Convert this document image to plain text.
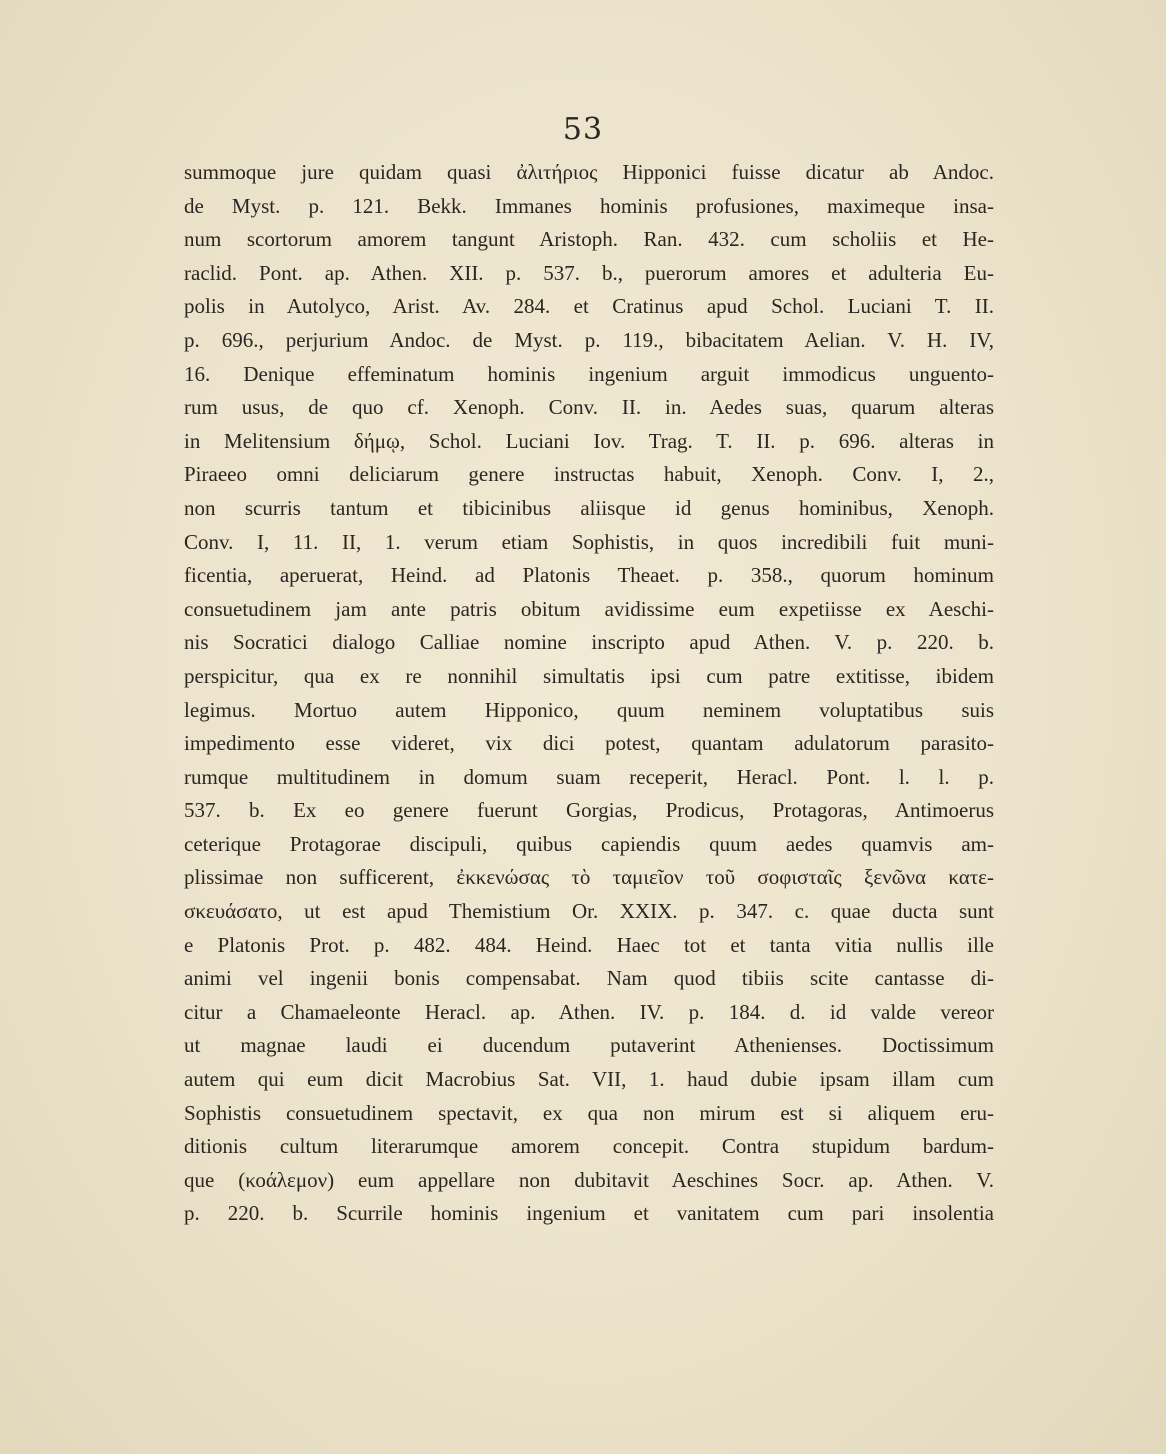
53
summoque jure quidam quasi ἀλιτήριος Hipponici fuisse dicatur ab Andoc.
de Myst. p. 121. Bekk. Immanes hominis profusiones, maximeque insa-
num scortorum amorem tangunt Aristoph. Ran. 432. cum scholiis et He-
raclid. Pont. ap. Athen. XII. p. 537. b., puerorum amores et adulteria Eu-
polis in Autolyco, Arist. Av. 284. et Cratinus apud Schol. Luciani T. II.
p. 696., perjurium Andoc. de Myst. p. 119., bibacitatem Aelian. V. H. IV,
16. Denique effeminatum hominis ingenium arguit immodicus unguento-
rum usus, de quo cf. Xenoph. Conv. II. in. Aedes suas, quarum alteras
in Melitensium δήμῳ, Schol. Luciani Iov. Trag. T. II. p. 696. alteras in
Piraeeo omni deliciarum genere instructas habuit, Xenoph. Conv. I, 2.,
non scurris tantum et tibicinibus aliisque id genus hominibus, Xenoph.
Conv. I, 11. II, 1. verum etiam Sophistis, in quos incredibili fuit muni-
ficentia, aperuerat, Heind. ad Platonis Theaet. p. 358., quorum hominum
consuetudinem jam ante patris obitum avidissime eum expetiisse ex Aeschi-
nis Socratici dialogo Calliae nomine inscripto apud Athen. V. p. 220. b.
perspicitur, qua ex re nonnihil simultatis ipsi cum patre extitisse, ibidem
legimus. Mortuo autem Hipponico, quum neminem voluptatibus suis
impedimento esse videret, vix dici potest, quantam adulatorum parasito-
rumque multitudinem in domum suam receperit, Heracl. Pont. l. l. p.
537. b. Ex eo genere fuerunt Gorgias, Prodicus, Protagoras, Antimoerus
ceterique Protagorae discipuli, quibus capiendis quum aedes quamvis am-
plissimae non sufficerent, ἐκκενώσας τὸ ταμιεῖον τοῦ σοφισταῖς ξενῶνα κατε-
σκευάσατο, ut est apud Themistium Or. XXIX. p. 347. c. quae ducta sunt
e Platonis Prot. p. 482. 484. Heind. Haec tot et tanta vitia nullis ille
animi vel ingenii bonis compensabat. Nam quod tibiis scite cantasse di-
citur a Chamaeleonte Heracl. ap. Athen. IV. p. 184. d. id valde vereor
ut magnae laudi ei ducendum putaverint Athenienses. Doctissimum
autem qui eum dicit Macrobius Sat. VII, 1. haud dubie ipsam illam cum
Sophistis consuetudinem spectavit, ex qua non mirum est si aliquem eru-
ditionis cultum literarumque amorem concepit. Contra stupidum bardum-
que (κοάλεμον) eum appellare non dubitavit Aeschines Socr. ap. Athen. V.
p. 220. b. Scurrile hominis ingenium et vanitatem cum pari insolentia
